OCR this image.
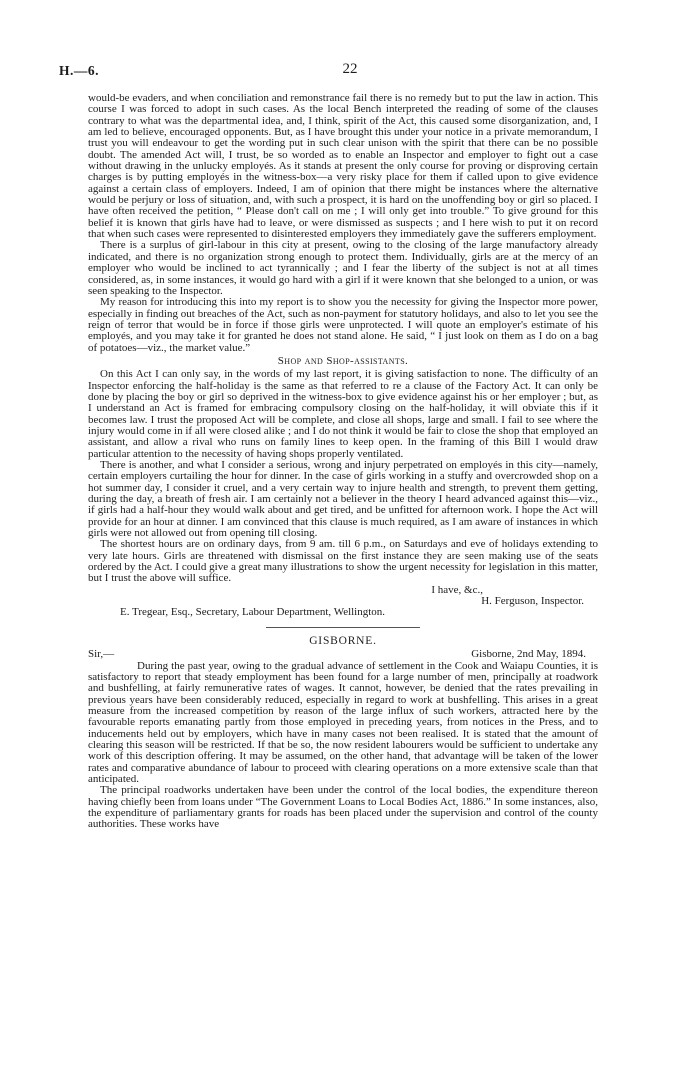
H.—6.	22

would-be evaders, and when conciliation and remonstrance fail there is no remedy but to put the law in action. This course I was forced to adopt in such cases. As the local Bench interpreted the reading of some of the clauses contrary to what was the departmental idea, and, I think, spirit of the Act, this caused some disorganization, and, I am led to believe, encouraged opponents. But, as I have brought this under your notice in a private memorandum, I trust you will endeavour to get the wording put in such clear unison with the spirit that there can be no possible doubt. The amended Act will, I trust, be so worded as to enable an Inspector and employer to fight out a case without drawing in the unlucky employés. As it stands at present the only course for proving or disproving certain charges is by putting employés in the witness-box—a very risky place for them if called upon to give evidence against a certain class of employers. Indeed, I am of opinion that there might be instances where the alternative would be perjury or loss of situation, and, with such a prospect, it is hard on the unoffending boy or girl so placed. I have often received the petition, “ Please don't call on me ; I will only get into trouble.” To give ground for this belief it is known that girls have had to leave, or were dismissed as suspects ; and I here wish to put it on record that when such cases were represented to disinterested employers they immediately gave the sufferers employment.

There is a surplus of girl-labour in this city at present, owing to the closing of the large manufactory already indicated, and there is no organization strong enough to protect them. Individually, girls are at the mercy of an employer who would be inclined to act tyrannically ; and I fear the liberty of the subject is not at all times considered, as, in some instances, it would go hard with a girl if it were known that she belonged to a union, or was seen speaking to the Inspector.

My reason for introducing this into my report is to show you the necessity for giving the Inspector more power, especially in finding out breaches of the Act, such as non-payment for statutory holidays, and also to let you see the reign of terror that would be in force if those girls were unprotected. I will quote an employer's estimate of his employés, and you may take it for granted he does not stand alone. He said, “ I just look on them as I do on a bag of potatoes—viz., the market value.”

Shop and Shop-assistants.

On this Act I can only say, in the words of my last report, it is giving satisfaction to none. The difficulty of an Inspector enforcing the half-holiday is the same as that referred to re a clause of the Factory Act. It can only be done by placing the boy or girl so deprived in the witness-box to give evidence against his or her employer ; but, as I understand an Act is framed for embracing compulsory closing on the half-holiday, it will obviate this if it becomes law. I trust the proposed Act will be complete, and close all shops, large and small. I fail to see where the injury would come in if all were closed alike ; and I do not think it would be fair to close the shop that employed an assistant, and allow a rival who runs on family lines to keep open. In the framing of this Bill I would draw particular attention to the necessity of having shops properly ventilated.

There is another, and what I consider a serious, wrong and injury perpetrated on employés in this city—namely, certain employers curtailing the hour for dinner. In the case of girls working in a stuffy and overcrowded shop on a hot summer day, I consider it cruel, and a very certain way to injure health and strength, to prevent them getting, during the day, a breath of fresh air. I am certainly not a believer in the theory I heard advanced against this—viz., if girls had a half-hour they would walk about and get tired, and be unfitted for afternoon work. I hope the Act will provide for an hour at dinner. I am convinced that this clause is much required, as I am aware of instances in which girls were not allowed out from opening till closing.

The shortest hours are on ordinary days, from 9 am. till 6 p.m., on Saturdays and eve of holidays extending to very late hours. Girls are threatened with dismissal on the first instance they are seen making use of the seats ordered by the Act. I could give a great many illustrations to show the urgent necessity for legislation in this matter, but I trust the above will suffice.

I have, &c.,

H. Ferguson, Inspector.

E. Tregear, Esq., Secretary, Labour Department, Wellington.

GISBORNE.

Sir,—	Gisborne, 2nd May, 1894.

During the past year, owing to the gradual advance of settlement in the Cook and Waiapu Counties, it is satisfactory to report that steady employment has been found for a large number of men, principally at roadwork and bushfelling, at fairly remunerative rates of wages. It cannot, however, be denied that the rates prevailing in previous years have been considerably reduced, especially in regard to work at bushfelling. This arises in a great measure from the increased competition by reason of the large influx of such workers, attracted here by the favourable reports emanating partly from those employed in preceding years, from notices in the Press, and to inducements held out by employers, which have in many cases not been realised. It is stated that the amount of clearing this season will be restricted. If that be so, the now resident labourers would be sufficient to undertake any work of this description offering. It may be assumed, on the other hand, that advantage will be taken of the lower rates and comparative abundance of labour to proceed with clearing operations on a more extensive scale than that anticipated.

The principal roadworks undertaken have been under the control of the local bodies, the expenditure thereon having chiefly been from loans under “The Government Loans to Local Bodies Act, 1886.” In some instances, also, the expenditure of parliamentary grants for roads has been placed under the supervision and control of the county authorities. These works have
